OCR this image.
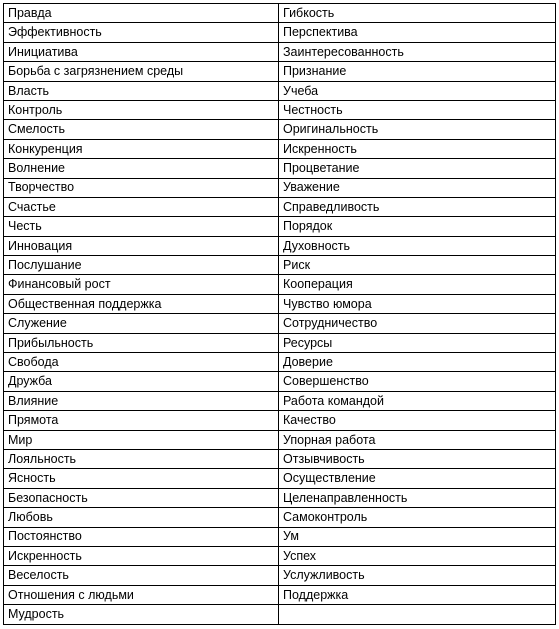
Правда	Гибкость
Эффективность	Перспектива
Инициатива	Заинтересованность
Борьба с загрязнением среды	Признание
Власть	Учеба
Контроль	Честность
Смелость	Оригинальность
Конкуренция	Искренность
Волнение	Процветание
Творчество	Уважение
Счастье	Справедливость
Честь	Порядок
Инновация	Духовность
Послушание	Риск
Финансовый рост	Кооперация
Общественная поддержка	Чувство юмора
Служение	Сотрудничество
Прибыльность	Ресурсы
Свобода	Доверие
Дружба	Совершенство
Влияние	Работа командой
Прямота	Качество
Мир	Упорная работа
Лояльность	Отзывчивость
Ясность	Осуществление
Безопасность	Целенаправленность
Любовь	Самоконтроль
Постоянство	Ум
Искренность	Успех
Веселость	Услужливость
Отношения с людьми	Поддержка
Мудрость	
